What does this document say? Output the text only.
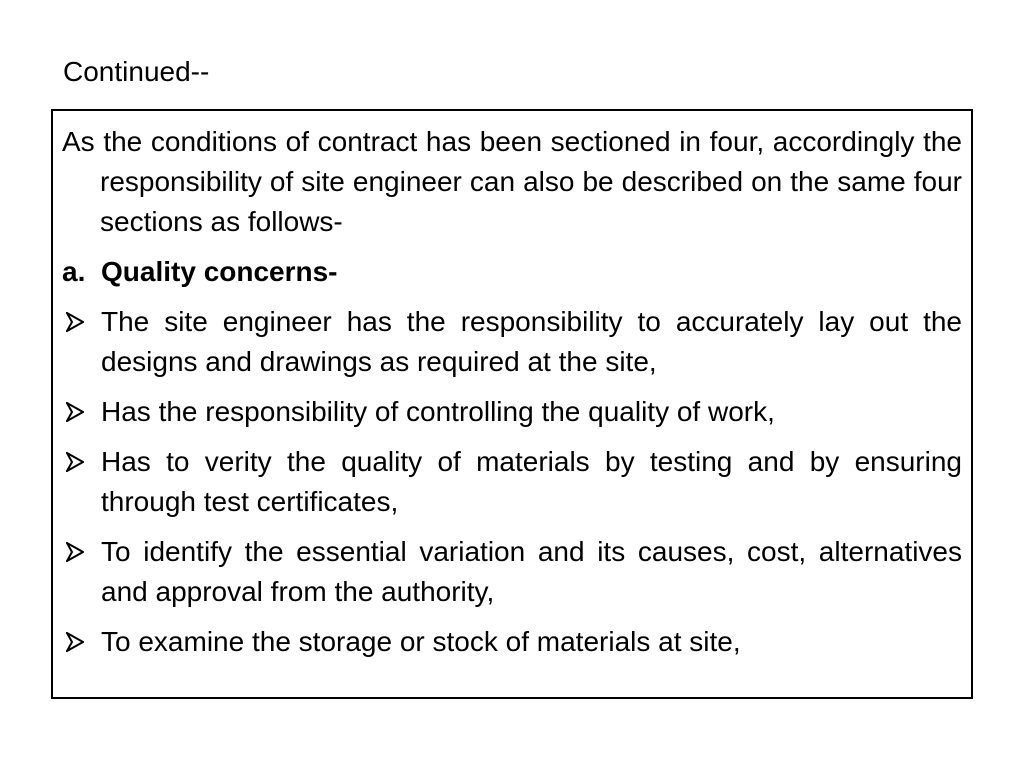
Continued--

As the conditions of contract has been sectioned in four, accordingly the responsibility of site engineer can also be described on the same four sections as follows-

a. Quality concerns-
The site engineer has the responsibility to accurately lay out the designs and drawings as required at the site,
Has the responsibility of controlling the quality of work,
Has to verity the quality of materials by testing and by ensuring through test certificates,
To identify the essential variation and its causes, cost, alternatives and approval from the authority,
To examine the storage or stock of materials at site,
